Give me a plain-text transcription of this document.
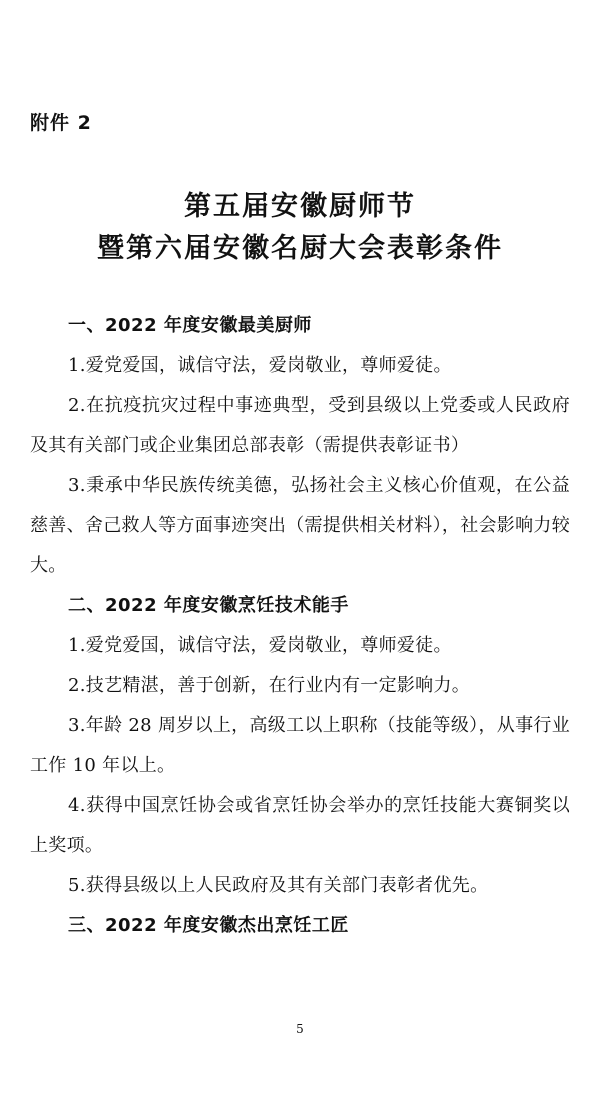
附件 2
第五届安徽厨师节
暨第六届安徽名厨大会表彰条件
一、2022 年度安徽最美厨师
1.爱党爱国，诚信守法，爱岗敬业，尊师爱徒。
2.在抗疫抗灾过程中事迹典型，受到县级以上党委或人民政府及其有关部门或企业集团总部表彰（需提供表彰证书）
3.秉承中华民族传统美德，弘扬社会主义核心价值观，在公益慈善、舍己救人等方面事迹突出（需提供相关材料），社会影响力较大。
二、2022 年度安徽烹饪技术能手
1.爱党爱国，诚信守法，爱岗敬业，尊师爱徒。
2.技艺精湛，善于创新，在行业内有一定影响力。
3.年龄 28 周岁以上，高级工以上职称（技能等级），从事行业工作 10 年以上。
4.获得中国烹饪协会或省烹饪协会举办的烹饪技能大赛铜奖以上奖项。
5.获得县级以上人民政府及其有关部门表彰者优先。
三、2022 年度安徽杰出烹饪工匠
5
